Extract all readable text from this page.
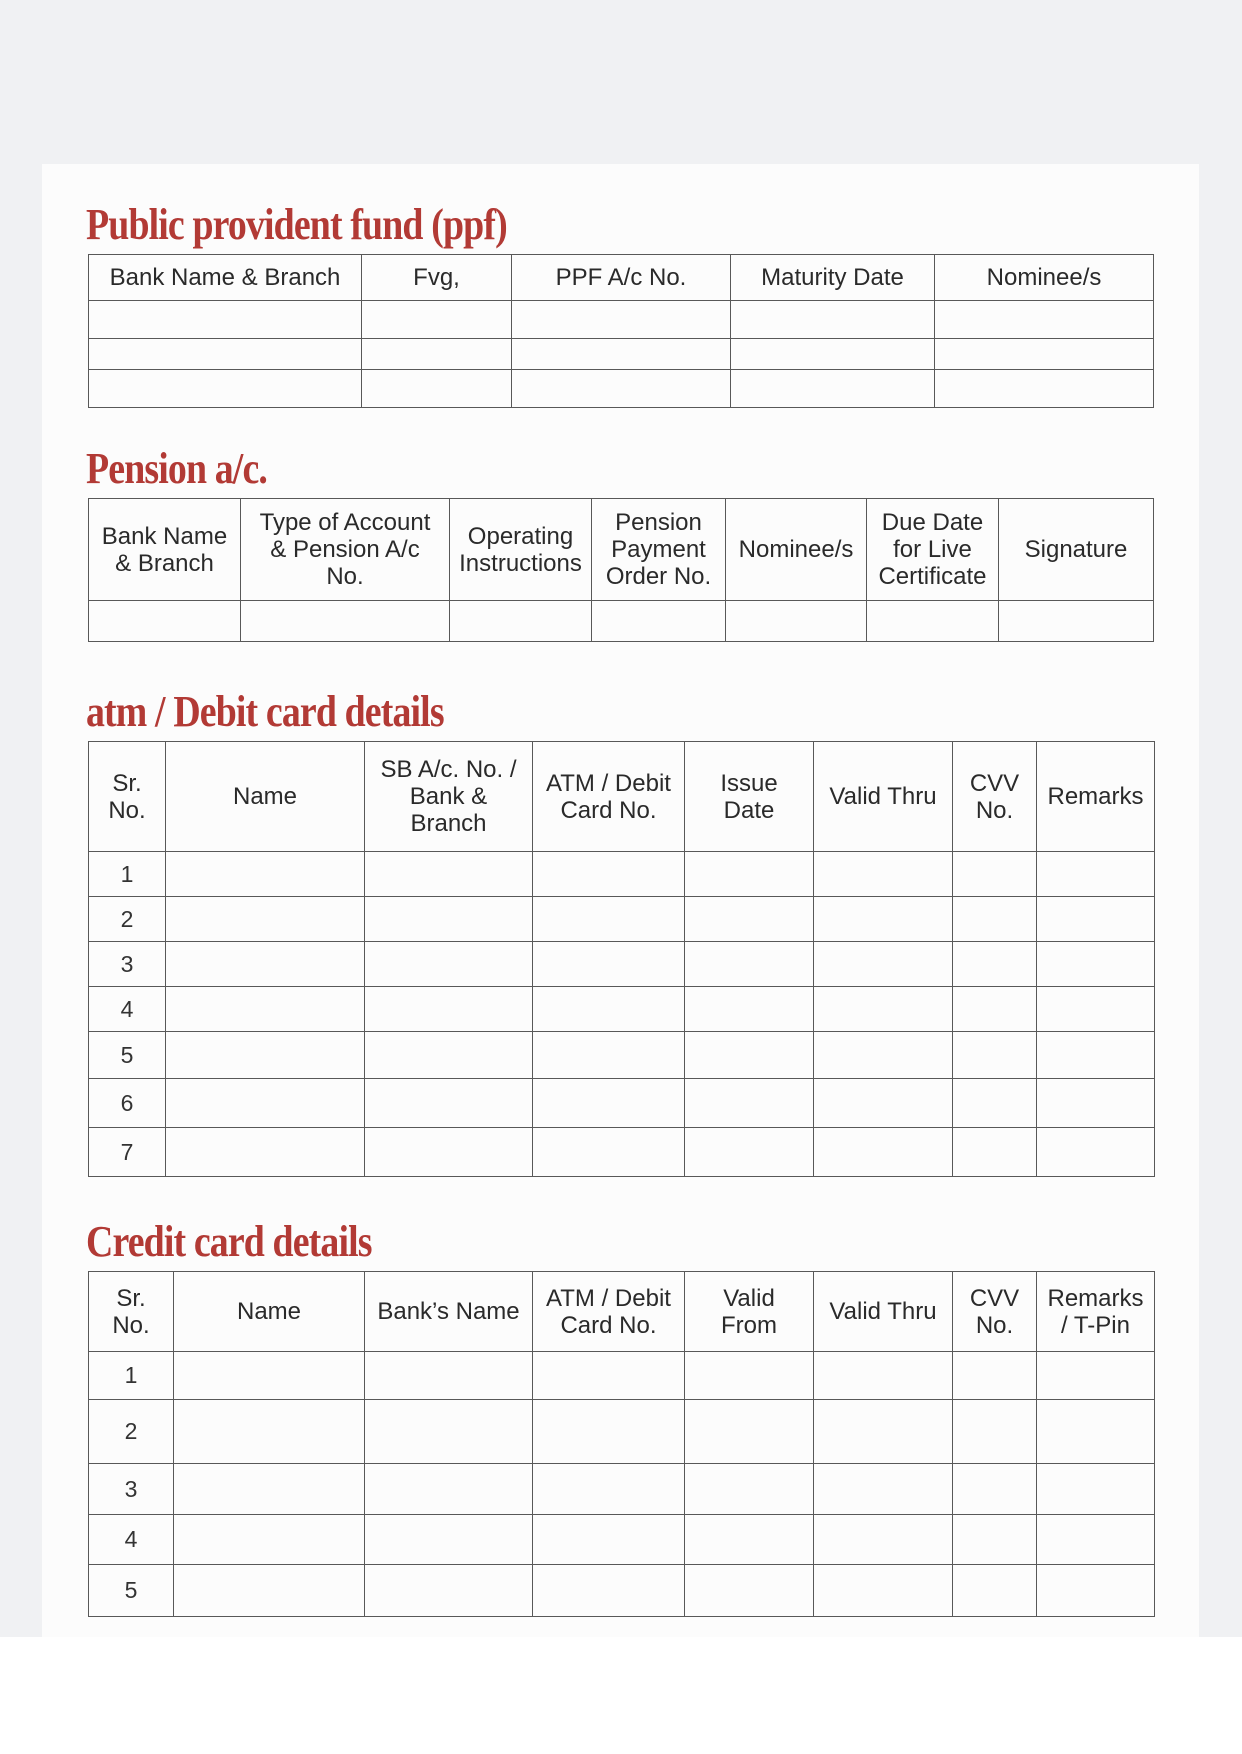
Public provident fund (ppf)
Bank Name & Branch	Fvg,	PPF A/c No.	Maturity Date	Nominee/s

Pension a/c.
Bank Name
& Branch	Type of Account
& Pension A/c
No.	Operating
Instructions	Pension
Payment
Order No.	Nominee/s	Due Date
for Live
Certificate	Signature

atm / Debit card details
Sr.
No.	Name	SB A/c. No. /
Bank &
Branch	ATM / Debit
Card No.	Issue
Date	Valid Thru	CVV
No.	Remarks
1							
2							
3							
4							
5							
6							
7							
Credit card details
Sr.
No.	Name	Bank’s Name	ATM / Debit
Card No.	Valid
From	Valid Thru	CVV
No.	Remarks
/ T-Pin
1							
2							
3							
4							
5							
